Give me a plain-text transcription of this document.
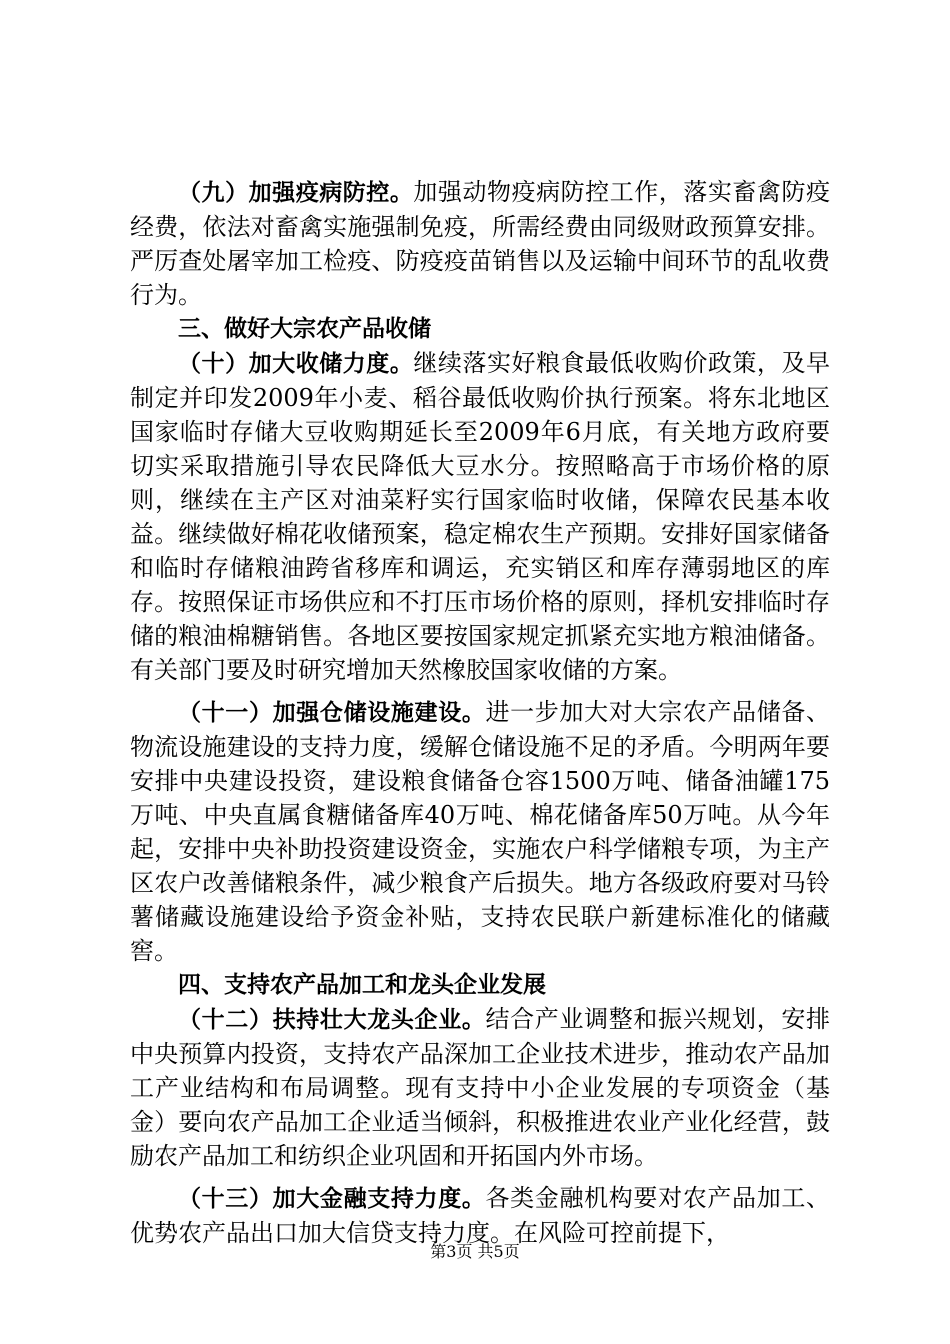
（九）加强疫病防控。加强动物疫病防控工作，落实畜禽防疫经费，依法对畜禽实施强制免疫，所需经费由同级财政预算安排。严厉查处屠宰加工检疫、防疫疫苗销售以及运输中间环节的乱收费行为。

三、做好大宗农产品收储

（十）加大收储力度。继续落实好粮食最低收购价政策，及早制定并印发2009年小麦、稻谷最低收购价执行预案。将东北地区国家临时存储大豆收购期延长至2009年6月底，有关地方政府要切实采取措施引导农民降低大豆水分。按照略高于市场价格的原则，继续在主产区对油菜籽实行国家临时收储，保障农民基本收益。继续做好棉花收储预案，稳定棉农生产预期。安排好国家储备和临时存储粮油跨省移库和调运，充实销区和库存薄弱地区的库存。按照保证市场供应和不打压市场价格的原则，择机安排临时存储的粮油棉糖销售。各地区要按国家规定抓紧充实地方粮油储备。有关部门要及时研究增加天然橡胶国家收储的方案。

（十一）加强仓储设施建设。进一步加大对大宗农产品储备、物流设施建设的支持力度，缓解仓储设施不足的矛盾。今明两年要安排中央建设投资，建设粮食储备仓容1500万吨、储备油罐175万吨、中央直属食糖储备库40万吨、棉花储备库50万吨。从今年起，安排中央补助投资建设资金，实施农户科学储粮专项，为主产区农户改善储粮条件，减少粮食产后损失。地方各级政府要对马铃薯储藏设施建设给予资金补贴，支持农民联户新建标准化的储藏窖。

四、支持农产品加工和龙头企业发展

（十二）扶持壮大龙头企业。结合产业调整和振兴规划，安排中央预算内投资，支持农产品深加工企业技术进步，推动农产品加工产业结构和布局调整。现有支持中小企业发展的专项资金（基金）要向农产品加工企业适当倾斜，积极推进农业产业化经营，鼓励农产品加工和纺织企业巩固和开拓国内外市场。

（十三）加大金融支持力度。各类金融机构要对农产品加工、优势农产品出口加大信贷支持力度。在风险可控前提下，

第3页 共5页
